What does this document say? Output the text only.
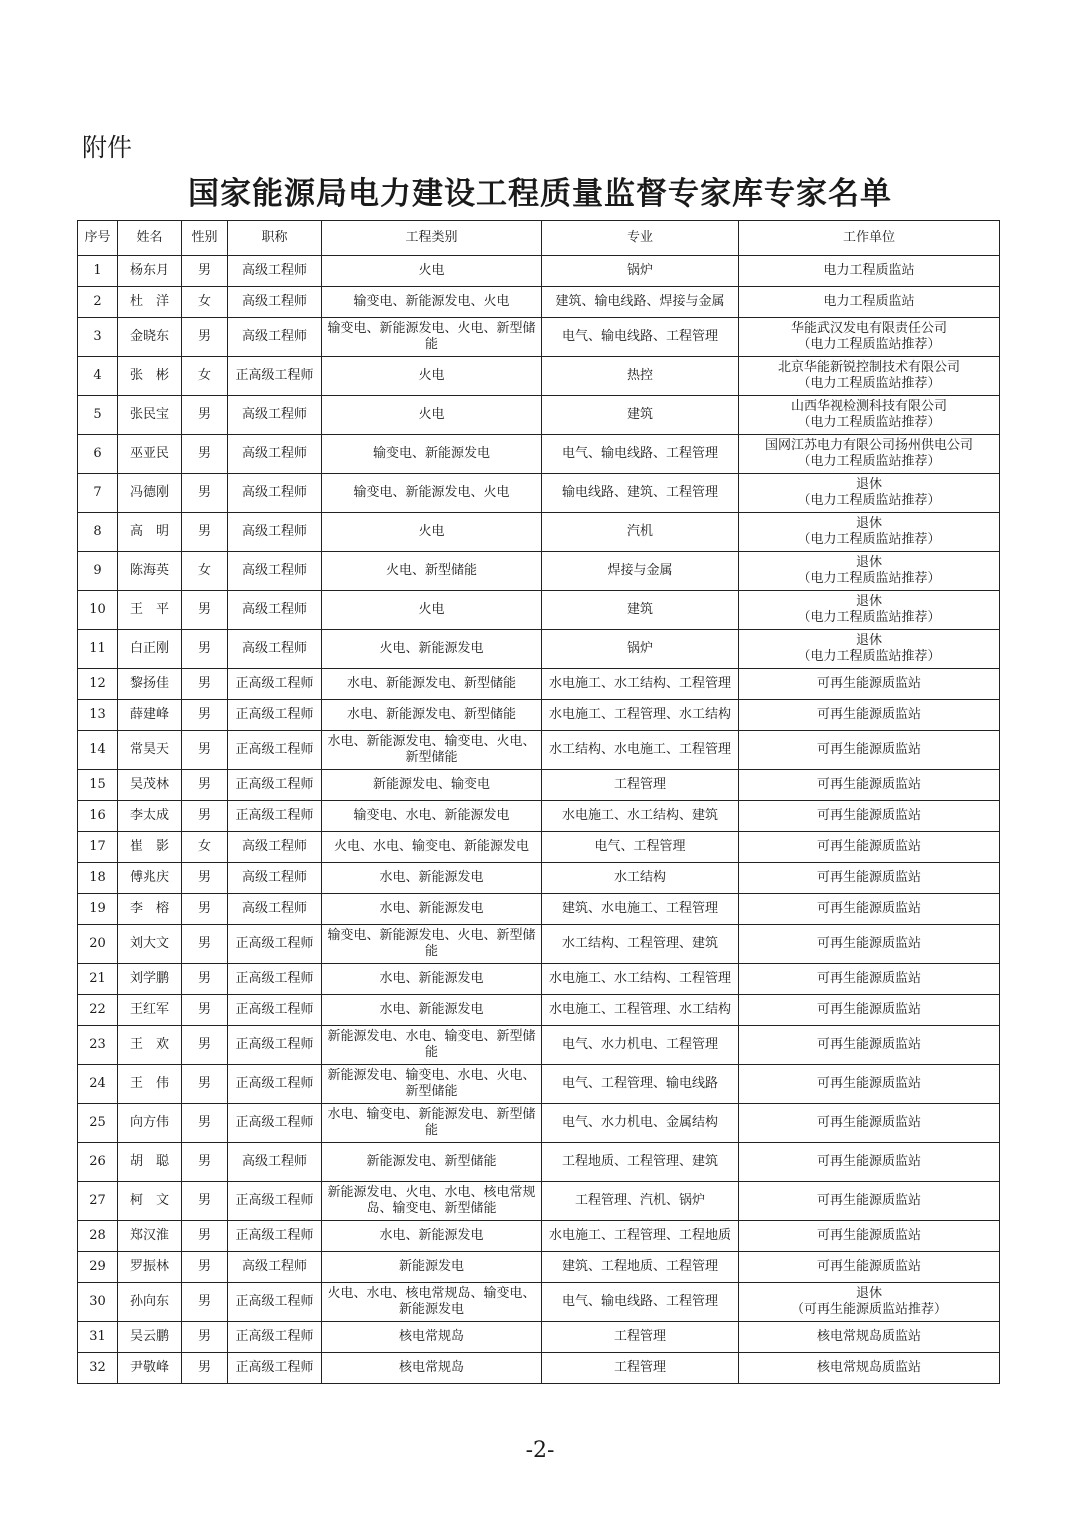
附件
国家能源局电力建设工程质量监督专家库专家名单
序号	姓名	性别	职称	工程类别	专业	工作单位
1	杨东月	男	高级工程师	火电	锅炉	电力工程质监站
2	杜　洋	女	高级工程师	输变电、新能源发电、火电	建筑、输电线路、焊接与金属	电力工程质监站
3	金晓东	男	高级工程师	输变电、新能源发电、火电、新型储能	电气、输电线路、工程管理	华能武汉发电有限责任公司
（电力工程质监站推荐）
4	张　彬	女	正高级工程师	火电	热控	北京华能新锐控制技术有限公司
（电力工程质监站推荐）
5	张民宝	男	高级工程师	火电	建筑	山西华视检测科技有限公司
（电力工程质监站推荐）
6	巫亚民	男	高级工程师	输变电、新能源发电	电气、输电线路、工程管理	国网江苏电力有限公司扬州供电公司
（电力工程质监站推荐）
7	冯德刚	男	高级工程师	输变电、新能源发电、火电	输电线路、建筑、工程管理	退休
（电力工程质监站推荐）
8	高　明	男	高级工程师	火电	汽机	退休
（电力工程质监站推荐）
9	陈海英	女	高级工程师	火电、新型储能	焊接与金属	退休
（电力工程质监站推荐）
10	王　平	男	高级工程师	火电	建筑	退休
（电力工程质监站推荐）
11	白正刚	男	高级工程师	火电、新能源发电	锅炉	退休
（电力工程质监站推荐）
12	黎扬佳	男	正高级工程师	水电、新能源发电、新型储能	水电施工、水工结构、工程管理	可再生能源质监站
13	薛建峰	男	正高级工程师	水电、新能源发电、新型储能	水电施工、工程管理、水工结构	可再生能源质监站
14	常昊天	男	正高级工程师	水电、新能源发电、输变电、火电、新型储能	水工结构、水电施工、工程管理	可再生能源质监站
15	吴茂林	男	正高级工程师	新能源发电、输变电	工程管理	可再生能源质监站
16	李太成	男	正高级工程师	输变电、水电、新能源发电	水电施工、水工结构、建筑	可再生能源质监站
17	崔　影	女	高级工程师	火电、水电、输变电、新能源发电	电气、工程管理	可再生能源质监站
18	傅兆庆	男	高级工程师	水电、新能源发电	水工结构	可再生能源质监站
19	李　榕	男	高级工程师	水电、新能源发电	建筑、水电施工、工程管理	可再生能源质监站
20	刘大文	男	正高级工程师	输变电、新能源发电、火电、新型储能	水工结构、工程管理、建筑	可再生能源质监站
21	刘学鹏	男	正高级工程师	水电、新能源发电	水电施工、水工结构、工程管理	可再生能源质监站
22	王红军	男	正高级工程师	水电、新能源发电	水电施工、工程管理、水工结构	可再生能源质监站
23	王　欢	男	正高级工程师	新能源发电、水电、输变电、新型储能	电气、水力机电、工程管理	可再生能源质监站
24	王　伟	男	正高级工程师	新能源发电、输变电、水电、火电、新型储能	电气、工程管理、输电线路	可再生能源质监站
25	向方伟	男	正高级工程师	水电、输变电、新能源发电、新型储能	电气、水力机电、金属结构	可再生能源质监站
26	胡　聪	男	高级工程师	新能源发电、新型储能	工程地质、工程管理、建筑	可再生能源质监站
27	柯　文	男	正高级工程师	新能源发电、火电、水电、核电常规岛、输变电、新型储能	工程管理、汽机、锅炉	可再生能源质监站
28	郑汉淮	男	正高级工程师	水电、新能源发电	水电施工、工程管理、工程地质	可再生能源质监站
29	罗振林	男	高级工程师	新能源发电	建筑、工程地质、工程管理	可再生能源质监站
30	孙向东	男	正高级工程师	火电、水电、核电常规岛、输变电、新能源发电	电气、输电线路、工程管理	退休
（可再生能源质监站推荐）
31	吴云鹏	男	正高级工程师	核电常规岛	工程管理	核电常规岛质监站
32	尹敬峰	男	正高级工程师	核电常规岛	工程管理	核电常规岛质监站
-2-
